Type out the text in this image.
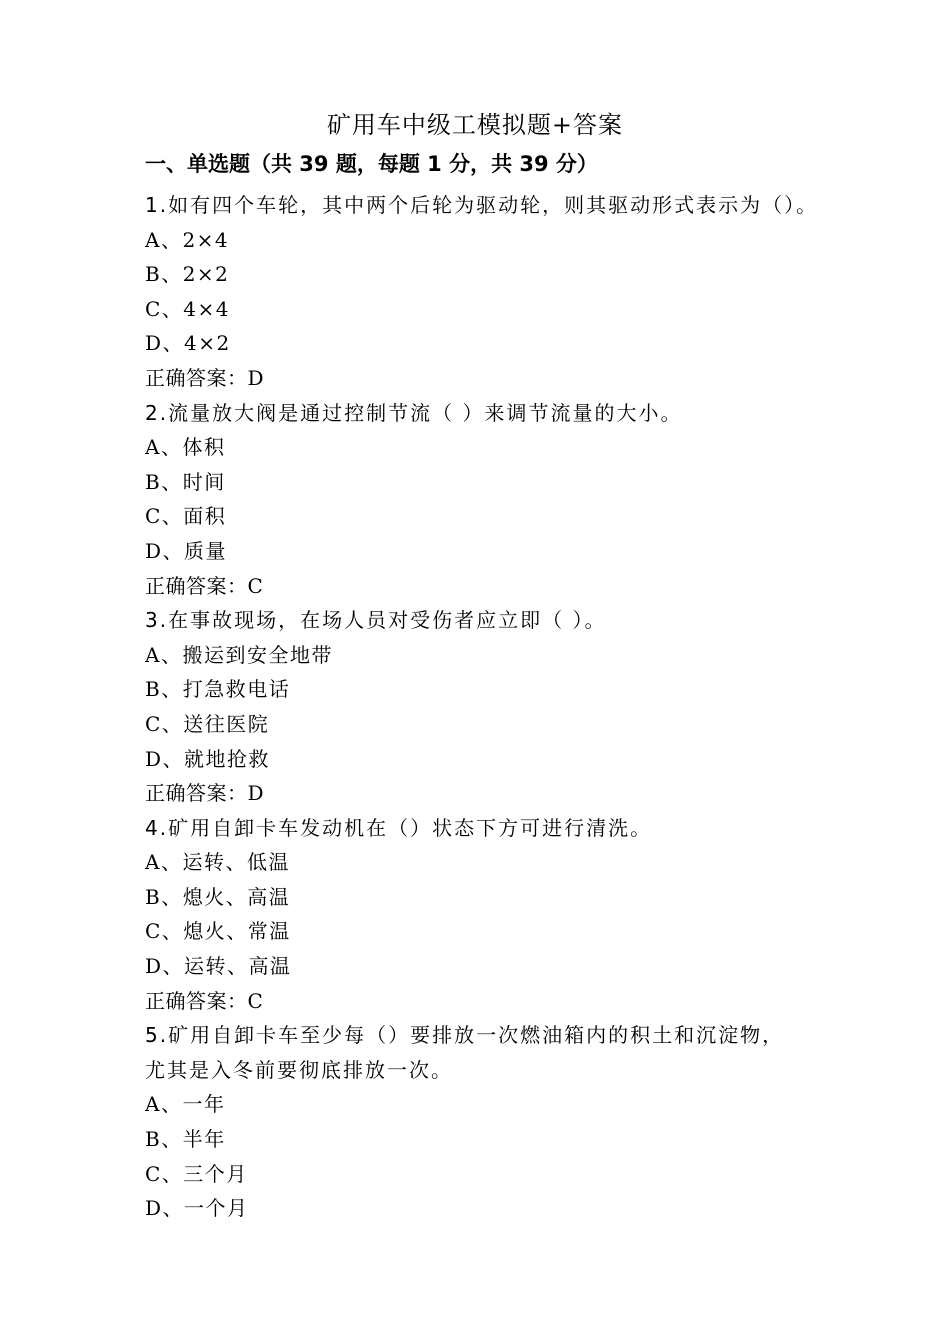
矿用车中级工模拟题+答案
一、单选题（共 39 题，每题 1 分，共 39 分）
1.如有四个车轮，其中两个后轮为驱动轮，则其驱动形式表示为（）。
A、2×4
B、2×2
C、4×4
D、4×2
正确答案：D
2.流量放大阀是通过控制节流（ ）来调节流量的大小。
A、体积
B、时间
C、面积
D、质量
正确答案：C
3.在事故现场，在场人员对受伤者应立即（ ）。
A、搬运到安全地带
B、打急救电话
C、送往医院
D、就地抢救
正确答案：D
4.矿用自卸卡车发动机在（）状态下方可进行清洗。
A、运转、低温
B、熄火、高温
C、熄火、常温
D、运转、高温
正确答案：C
5.矿用自卸卡车至少每（）要排放一次燃油箱内的积土和沉淀物，
尤其是入冬前要彻底排放一次。
A、一年
B、半年
C、三个月
D、一个月
